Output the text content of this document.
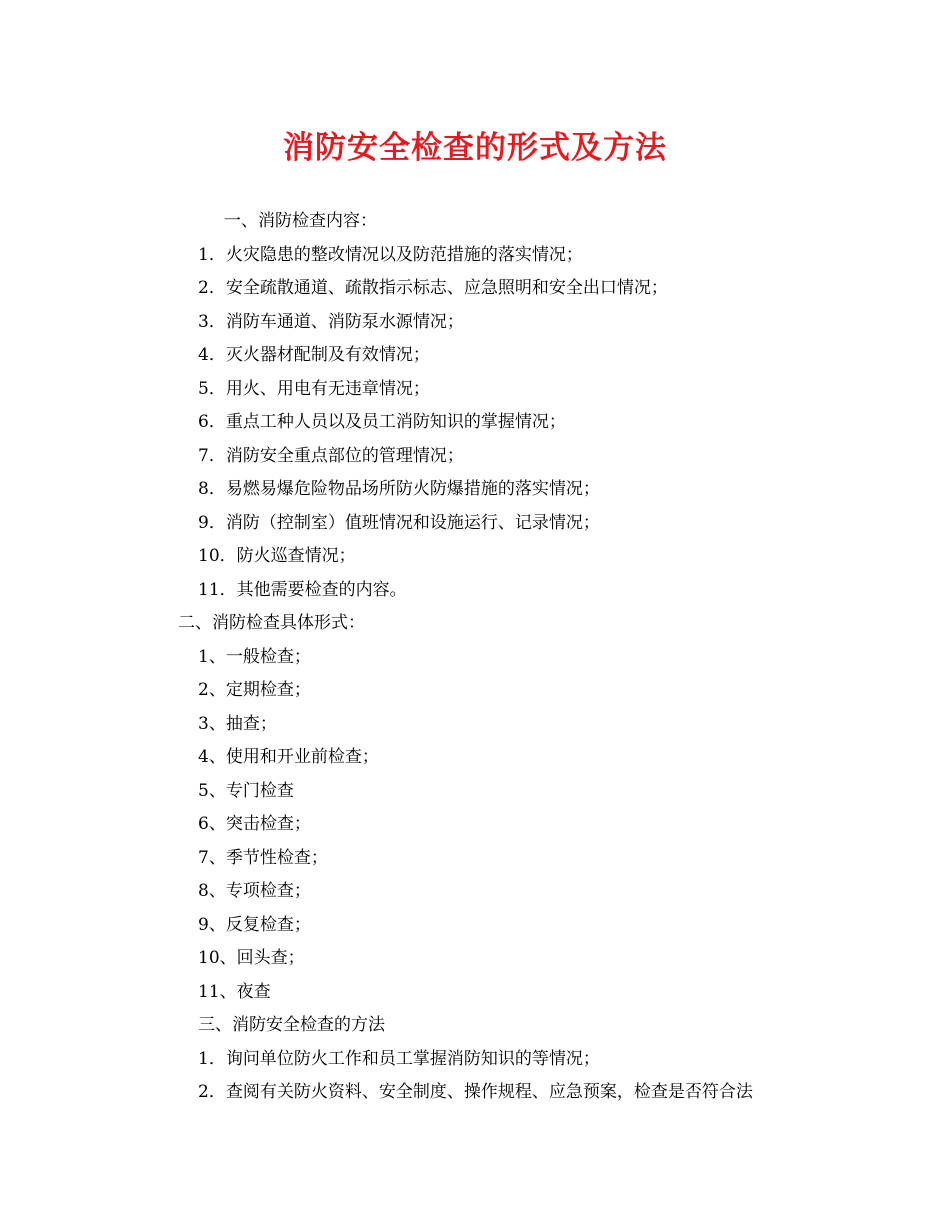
消防安全检查的形式及方法
一、消防检查内容：
1．火灾隐患的整改情况以及防范措施的落实情况；
2．安全疏散通道、疏散指示标志、应急照明和安全出口情况；
3．消防车通道、消防泵水源情况；
4．灭火器材配制及有效情况；
5．用火、用电有无违章情况；
6．重点工种人员以及员工消防知识的掌握情况；
7．消防安全重点部位的管理情况；
8．易燃易爆危险物品场所防火防爆措施的落实情况；
9．消防（控制室）值班情况和设施运行、记录情况；
10．防火巡查情况；
11．其他需要检查的内容。
二、消防检查具体形式：
1、一般检查；
2、定期检查；
3、抽查；
4、使用和开业前检查；
5、专门检查
6、突击检查；
7、季节性检查；
8、专项检查；
9、反复检查；
10、回头查；
11、夜查
三、消防安全检查的方法
1．询问单位防火工作和员工掌握消防知识的等情况；
2．查阅有关防火资料、安全制度、操作规程、应急预案，检查是否符合法
